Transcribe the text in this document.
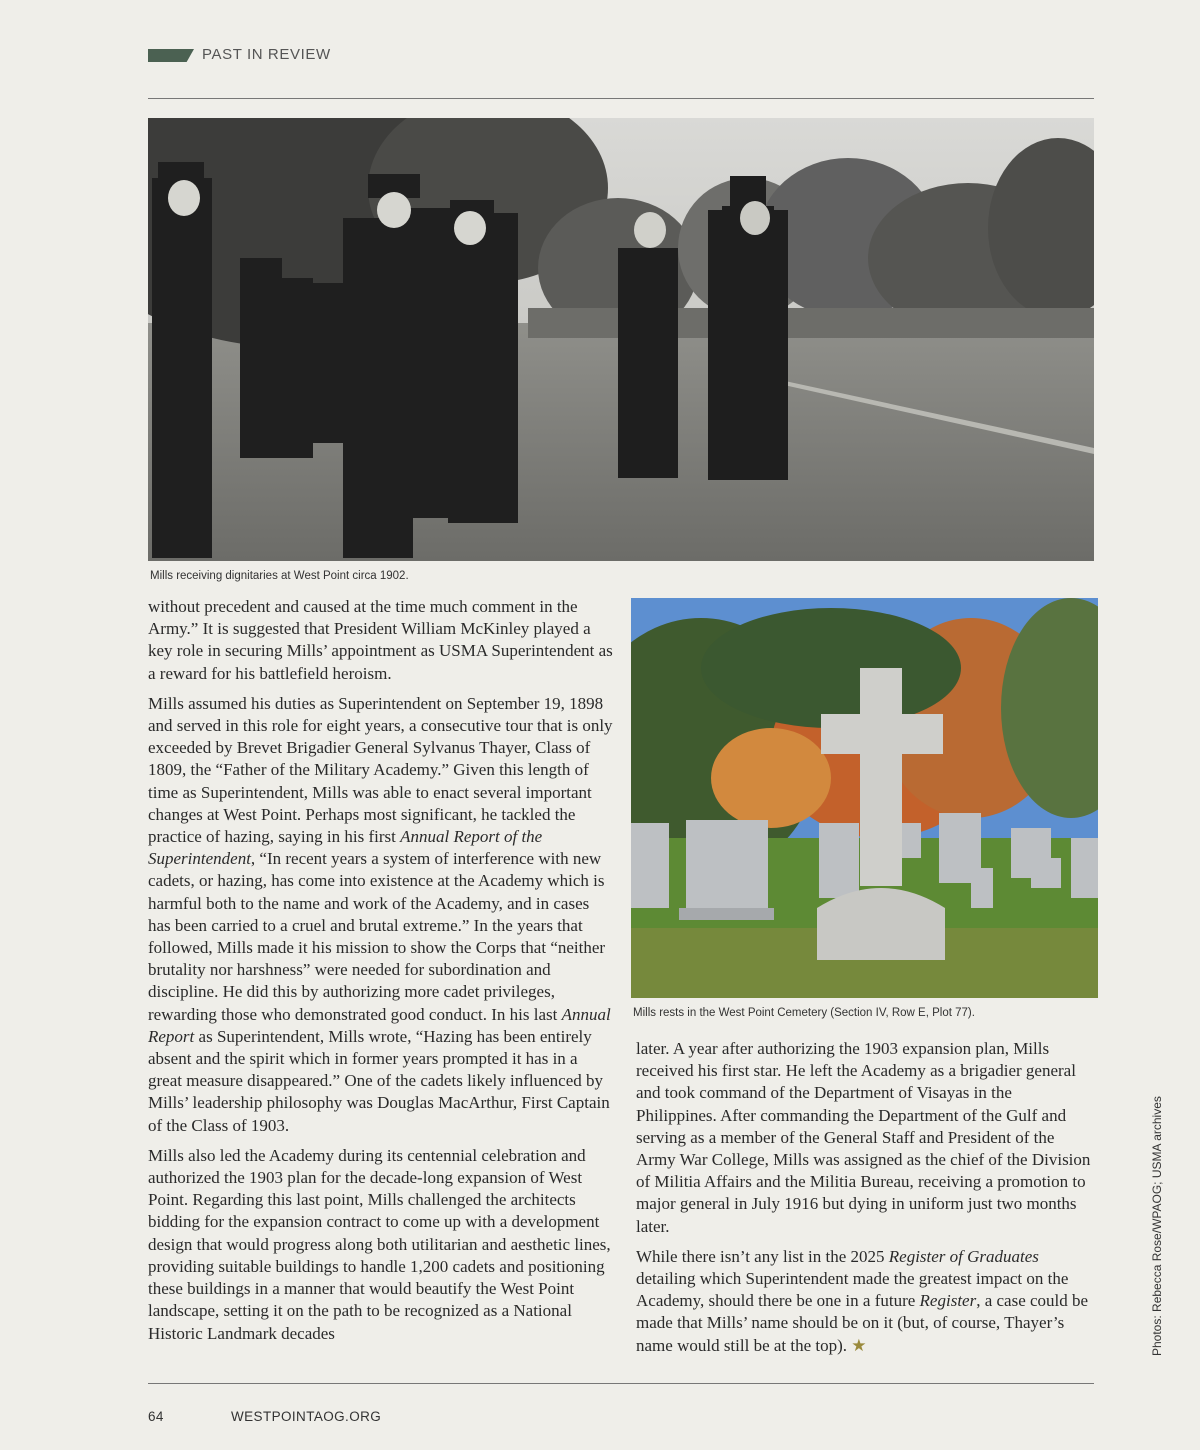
PAST IN REVIEW
Mills receiving dignitaries at West Point circa 1902.
Mills rests in the West Point Cemetery (Section IV, Row E, Plot 77).

without precedent and caused at the time much comment in the Army.” It is suggested that President William McKinley played a key role in securing Mills’ appointment as USMA Superintendent as a reward for his battlefield heroism.

Mills assumed his duties as Superintendent on September 19, 1898 and served in this role for eight years, a consecutive tour that is only exceeded by Brevet Brigadier General Sylvanus Thayer, Class of 1809, the “Father of the Military Academy.” Given this length of time as Superintendent, Mills was able to enact several important changes at West Point. Perhaps most significant, he tackled the practice of hazing, saying in his first Annual Report of the Superintendent, “In recent years a system of interference with new cadets, or hazing, has come into existence at the Academy which is harmful both to the name and work of the Academy, and in cases has been carried to a cruel and brutal extreme.” In the years that followed, Mills made it his mission to show the Corps that “neither brutality nor harshness” were needed for subordination and discipline. He did this by authorizing more cadet privileges, rewarding those who demonstrated good conduct. In his last Annual Report as Superintendent, Mills wrote, “Hazing has been entirely absent and the spirit which in former years prompted it has in a great measure disappeared.” One of the cadets likely influenced by Mills’ leadership philosophy was Douglas MacArthur, First Captain of the Class of 1903.

Mills also led the Academy during its centennial celebration and authorized the 1903 plan for the decade-long expansion of West Point. Regarding this last point, Mills challenged the architects bidding for the expansion contract to come up with a development design that would progress along both utilitarian and aesthetic lines, providing suitable buildings to handle 1,200 cadets and positioning these buildings in a manner that would beautify the West Point landscape, setting it on the path to be recognized as a National Historic Landmark decades

later. A year after authorizing the 1903 expansion plan, Mills received his first star. He left the Academy as a brigadier general and took command of the Department of Visayas in the Philippines. After commanding the Department of the Gulf and serving as a member of the General Staff and President of the Army War College, Mills was assigned as the chief of the Division of Militia Affairs and the Militia Bureau, receiving a promotion to major general in July 1916 but dying in uniform just two months later.

While there isn’t any list in the 2025 Register of Graduates detailing which Superintendent made the greatest impact on the Academy, should there be one in a future Register, a case could be made that Mills’ name should be on it (but, of course, Thayer’s name would still be at the top). ★

64	WESTPOINTAOG.ORG
Photos: Rebecca Rose/WPAOG; USMA archives
